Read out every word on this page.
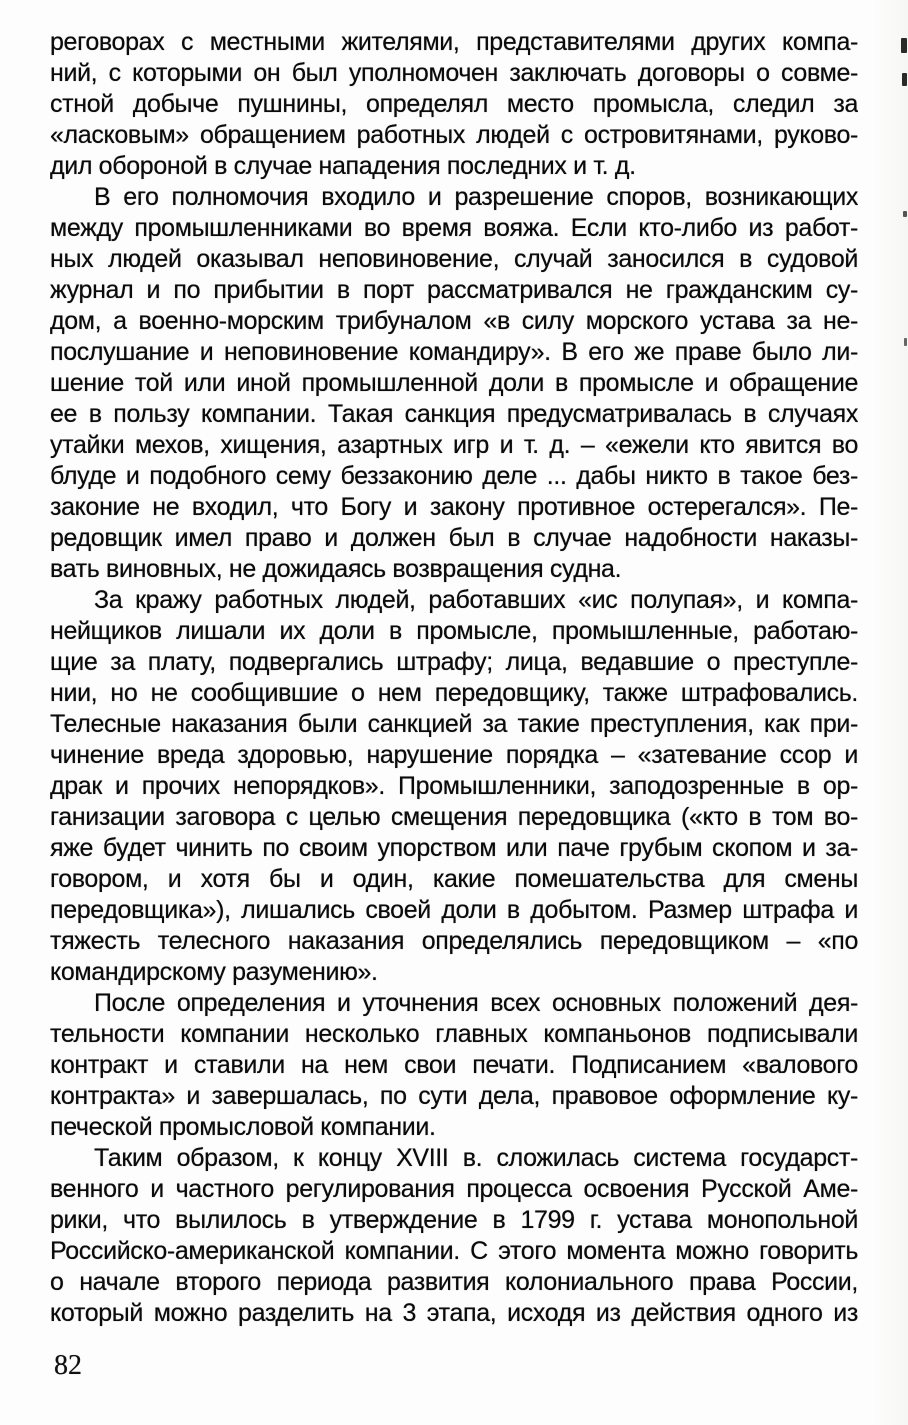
реговорах с местными жителями, представителями других компа-
ний, с которыми он был уполномочен заключать договоры о совме-
стной добыче пушнины, определял место промысла, следил за
«ласковым» обращением работных людей с островитянами, руково-
дил обороной в случае нападения последних и т. д.
В его полномочия входило и разрешение споров, возникающих
между промышленниками во время вояжа. Если кто-либо из работ-
ных людей оказывал неповиновение, случай заносился в судовой
журнал и по прибытии в порт рассматривался не гражданским су-
дом, а военно-морским трибуналом «в силу морского устава за не-
послушание и неповиновение командиру». В его же праве было ли-
шение той или иной промышленной доли в промысле и обращение
ее в пользу компании. Такая санкция предусматривалась в случаях
утайки мехов, хищения, азартных игр и т. д. – «ежели кто явится во
блуде и подобного сему беззаконию деле ... дабы никто в такое без-
законие не входил, что Богу и закону противное остерегался». Пе-
редовщик имел право и должен был в случае надобности наказы-
вать виновных, не дожидаясь возвращения судна.
За кражу работных людей, работавших «ис полупая», и компа-
нейщиков лишали их доли в промысле, промышленные, работаю-
щие за плату, подвергались штрафу; лица, ведавшие о преступле-
нии, но не сообщившие о нем передовщику, также штрафовались.
Телесные наказания были санкцией за такие преступления, как при-
чинение вреда здоровью, нарушение порядка – «затевание ссор и
драк и прочих непорядков». Промышленники, заподозренные в ор-
ганизации заговора с целью смещения передовщика («кто в том во-
яже будет чинить по своим упорством или паче грубым скопом и за-
говором, и хотя бы и один, какие помешательства для смены
передовщика»), лишались своей доли в добытом. Размер штрафа и
тяжесть телесного наказания определялись передовщиком – «по
командирскому разумению».
После определения и уточнения всех основных положений дея-
тельности компании несколько главных компаньонов подписывали
контракт и ставили на нем свои печати. Подписанием «валового
контракта» и завершалась, по сути дела, правовое оформление ку-
печеской промысловой компании.
Таким образом, к концу XVIII в. сложилась система государст-
венного и частного регулирования процесса освоения Русской Аме-
рики, что вылилось в утверждение в 1799 г. устава монопольной
Российско-американской компании. С этого момента можно говорить
о начале второго периода развития колониального права России,
который можно разделить на 3 этапа, исходя из действия одного из
82
